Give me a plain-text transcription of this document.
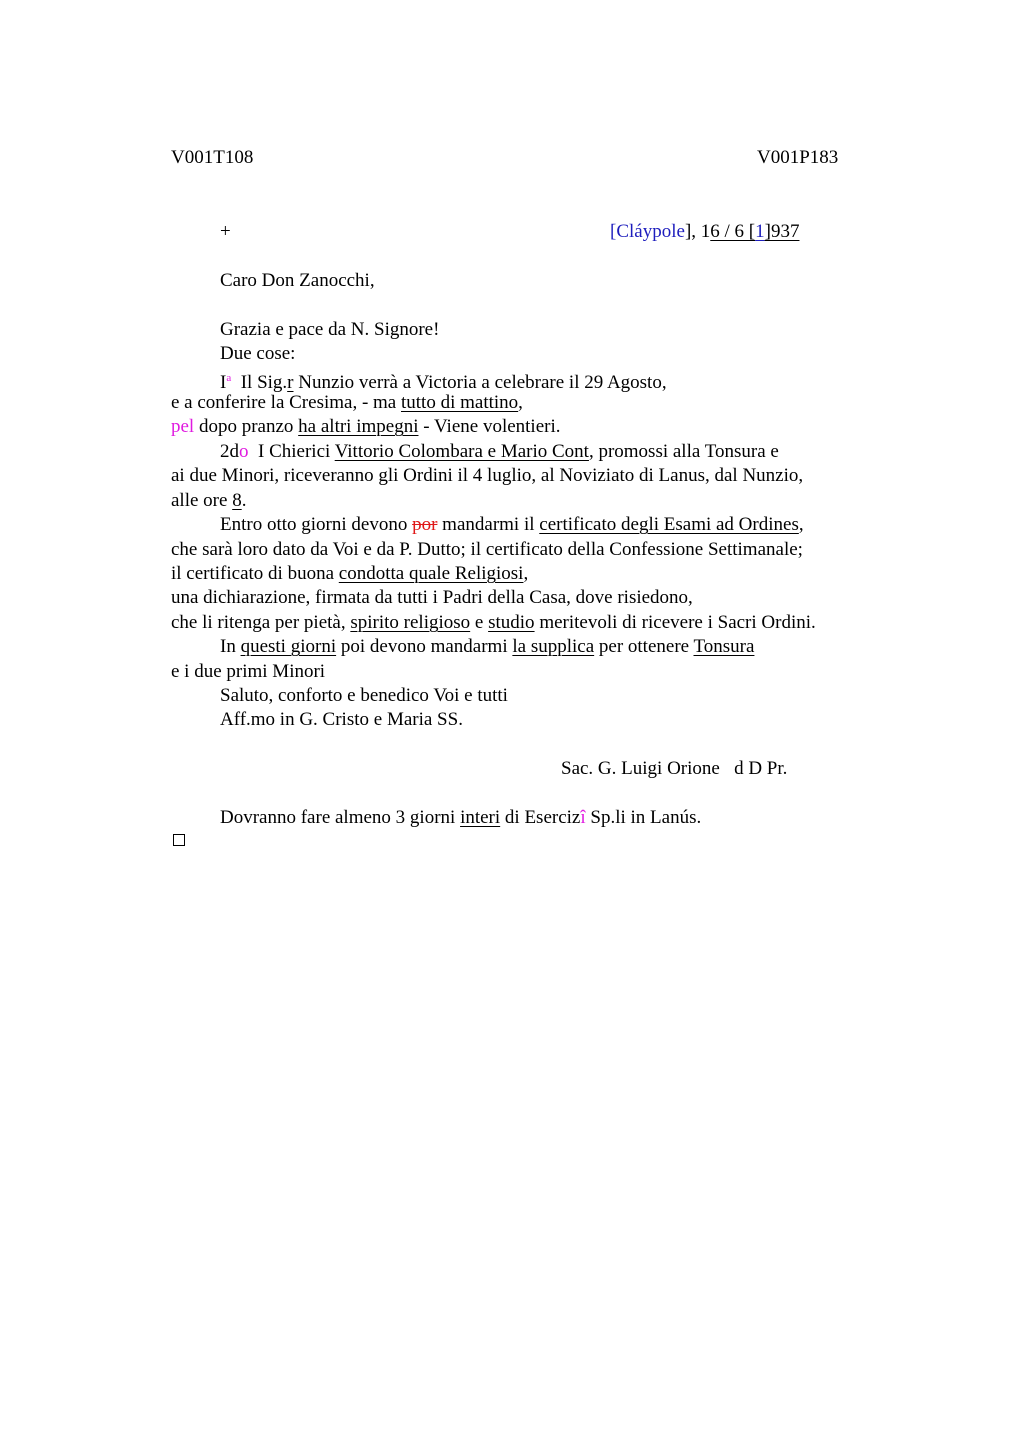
V001T108	V001P183
+	[Cláypole], 16 / 6 [1]937
Caro Don Zanocchi,
Grazia e pace da N. Signore!
Due cose:
$I^a$  Il Sig.r Nunzio verrà a Victoria a celebrare il 29 Agosto,
e a conferire la Cresima, - ma tutto di mattino,
pel dopo pranzo ha altri impegni - Viene volentieri.
2do  I Chierici Vittorio Colombara e Mario Cont, promossi alla Tonsura e
ai due Minori, riceveranno gli Ordini il 4 luglio, al Noviziato di Lanus, dal Nunzio,
alle ore 8.
Entro otto giorni devono por mandarmi il certificato degli Esami ad Ordines,
che sarà loro dato da Voi e da P. Dutto; il certificato della Confessione Settimanale;
il certificato di buona condotta quale Religiosi,
una dichiarazione, firmata da tutti i Padri della Casa, dove risiedono,
che li ritenga per pietà, spirito religioso e studio meritevoli di ricevere i Sacri Ordini.
In questi giorni poi devono mandarmi la supplica per ottenere Tonsura
e i due primi Minori
Saluto, conforto e benedico Voi e tutti
Aff.mo in G. Cristo e Maria SS.
Sac. G. Luigi Orione   d D Pr.
Dovranno fare almeno 3 giorni interi di Esercizî Sp.li in Lanús.
